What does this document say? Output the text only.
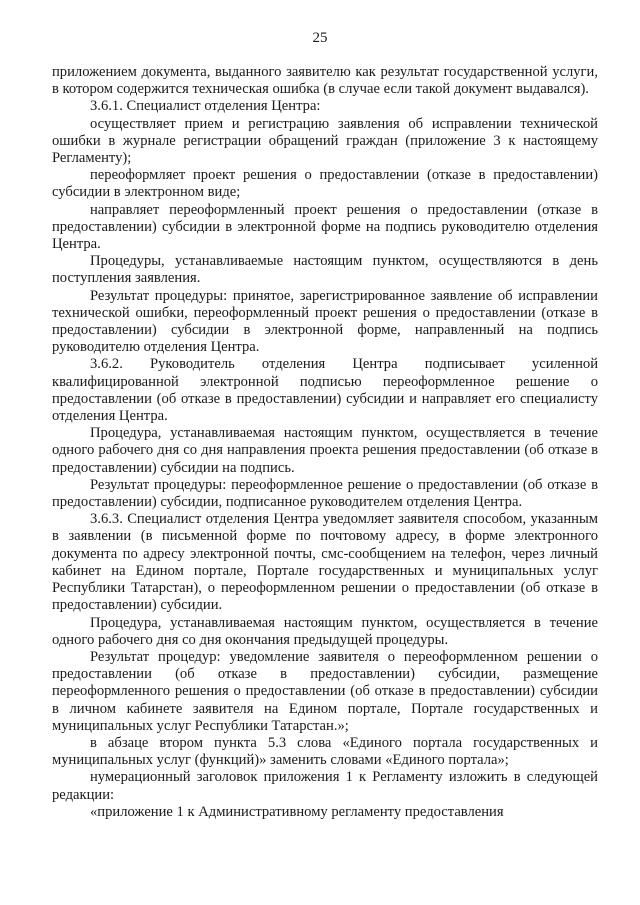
25

приложением документа, выданного заявителю как результат государственной услуги, в котором содержится техническая ошибка (в случае если такой документ выдавался).

3.6.1. Специалист отделения Центра:

осуществляет прием и регистрацию заявления об исправлении технической ошибки в журнале регистрации обращений граждан (приложение 3 к настоящему Регламенту);

переоформляет проект решения о предоставлении (отказе в предоставлении) субсидии в электронном виде;

направляет переоформленный проект решения о предоставлении (отказе в предоставлении) субсидии в электронной форме на подпись руководителю отделения Центра.

Процедуры, устанавливаемые настоящим пунктом, осуществляются в день поступления заявления.

Результат процедуры: принятое, зарегистрированное заявление об исправлении технической ошибки, переоформленный проект решения о предоставлении (отказе в предоставлении) субсидии в электронной форме, направленный на подпись руководителю отделения Центра.

3.6.2. Руководитель отделения Центра подписывает усиленной квалифицированной электронной подписью переоформленное решение о предоставлении (об отказе в предоставлении) субсидии и направляет его специалисту отделения Центра.

Процедура, устанавливаемая настоящим пунктом, осуществляется в течение одного рабочего дня со дня направления проекта решения предоставлении (об отказе в предоставлении) субсидии на подпись.

Результат процедуры: переоформленное решение о предоставлении (об отказе в предоставлении) субсидии, подписанное руководителем отделения Центра.

3.6.3. Специалист отделения Центра уведомляет заявителя способом, указанным в заявлении (в письменной форме по почтовому адресу, в форме электронного документа по адресу электронной почты, смс-сообщением на телефон, через личный кабинет на Едином портале, Портале государственных и муниципальных услуг Республики Татарстан), о переоформленном решении о предоставлении (об отказе в предоставлении) субсидии.

Процедура, устанавливаемая настоящим пунктом, осуществляется в течение одного рабочего дня со дня окончания предыдущей процедуры.

Результат процедур: уведомление заявителя о переоформленном решении о предоставлении (об отказе в предоставлении) субсидии, размещение переоформленного решения о предоставлении (об отказе в предоставлении) субсидии в личном кабинете заявителя на Едином портале, Портале государственных и муниципальных услуг Республики Татарстан.»;

в абзаце втором пункта 5.3 слова «Единого портала государственных и муниципальных услуг (функций)» заменить словами «Единого портала»;

нумерационный заголовок приложения 1 к Регламенту изложить в следующей редакции:

«приложение 1 к Административному регламенту предоставления
